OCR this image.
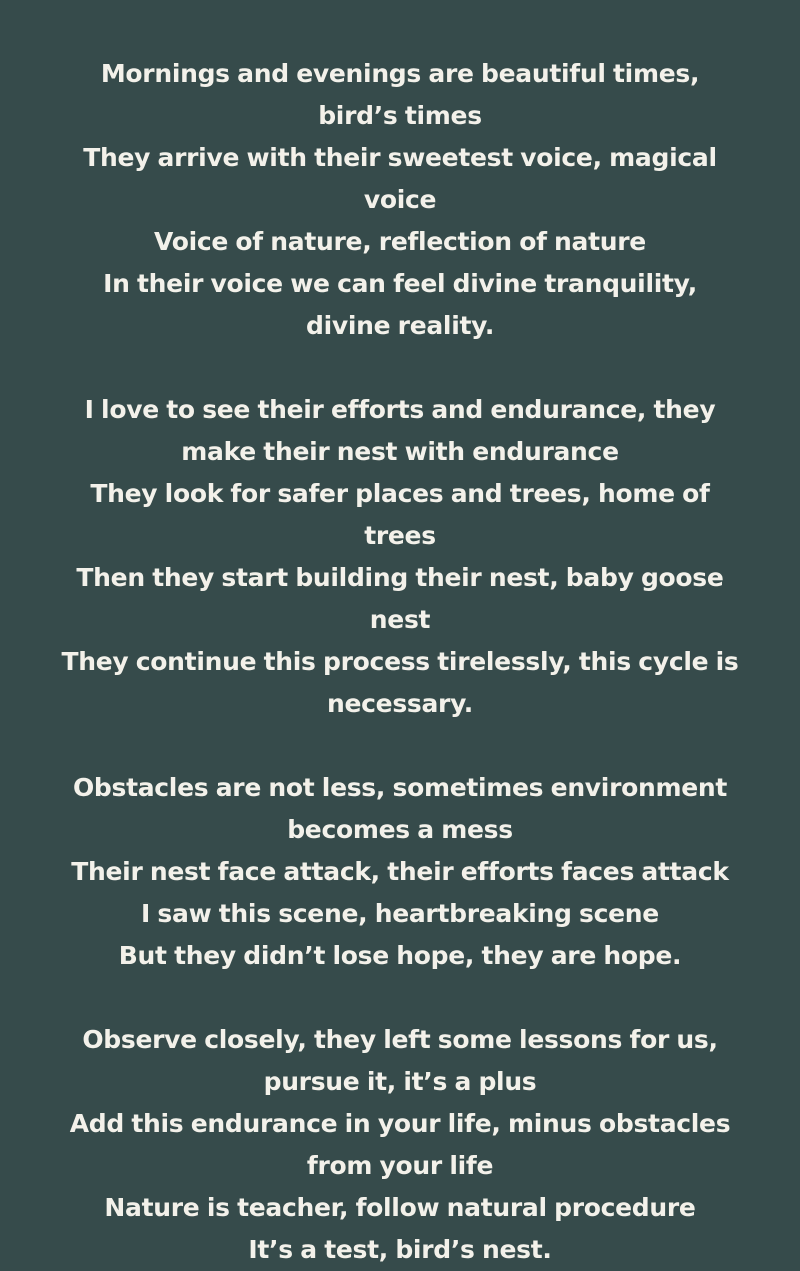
Mornings and evenings are beautiful times, bird’s times
They arrive with their sweetest voice, magical voice
Voice of nature, reflection of nature
In their voice we can feel divine tranquility, divine reality.
I love to see their efforts and endurance, they make their nest with endurance
They look for safer places and trees, home of trees
Then they start building their nest, baby goose nest
They continue this process tirelessly, this cycle is necessary.
Obstacles are not less, sometimes environment becomes a mess
Their nest face attack, their efforts faces attack
I saw this scene, heartbreaking scene
But they didn’t lose hope, they are hope.
Observe closely, they left some lessons for us, pursue it, it’s a plus
Add this endurance in your life, minus obstacles from your life
Nature is teacher, follow natural procedure
It’s a test, bird’s nest.
